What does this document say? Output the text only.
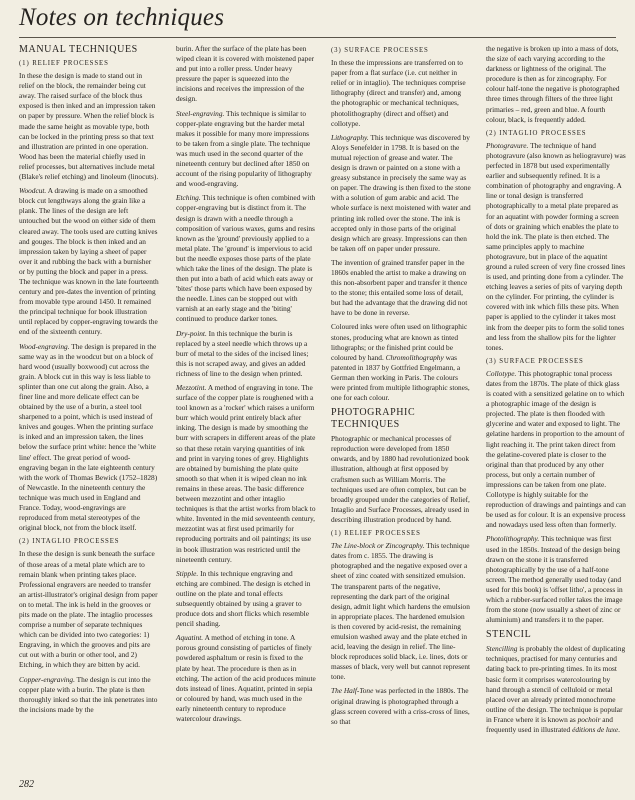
Notes on techniques
MANUAL TECHNIQUES
(1) RELIEF PROCESSES

In these the design is made to stand out in relief on the block, the remainder being cut away. The raised surface of the block thus exposed is then inked and an impression taken on paper by pressure. When the relief block is made the same height as movable type, both can be locked in the printing press so that text and illustration are printed in one operation. Wood has been the material chiefly used in relief processes, but alternatives include metal (Blake's relief etching) and linoleum (linocuts).

Woodcut. A drawing is made on a smoothed block cut lengthways along the grain like a plank. The lines of the design are left untouched but the wood on either side of them cleared away. The tools used are cutting knives and gouges. The block is then inked and an impression taken by laying a sheet of paper over it and rubbing the back with a burnisher or by putting the block and paper in a press. The technique was known in the late fourteenth century and pre-dates the invention of printing from movable type around 1450. It remained the principal technique for book illustration until replaced by copper-engraving towards the end of the sixteenth century.

Wood-engraving. The design is prepared in the same way as in the woodcut but on a block of hard wood (usually boxwood) cut across the grain. A block cut in this way is less liable to splinter than one cut along the grain. Also, a finer line and more delicate effect can be obtained by the use of a burin, a steel tool sharpened to a point, which is used instead of knives and gouges. When the printing surface is inked and an impression taken, the lines below the surface print white: hence the 'white line' effect. The great period of wood-engraving began in the late eighteenth century with the work of Thomas Bewick (1752–1828) of Newcastle. In the nineteenth century the technique was much used in England and France. Today, wood-engravings are reproduced from metal stereotypes of the original block, not from the block itself.

(2) INTAGLIO PROCESSES

In these the design is sunk beneath the surface of those areas of a metal plate which are to remain blank when printing takes place. Professional engravers are needed to transfer an artist-illustrator's original design from paper on to metal. The ink is held in the grooves or pits made on the plate. The intaglio processes comprise a number of separate techniques which can be divided into two categories: 1) Engraving, in which the grooves and pits are cut out with a burin or other tool, and 2) Etching, in which they are bitten by acid.

Copper-engraving. The design is cut into the copper plate with a burin. The plate is then thoroughly inked so that the ink penetrates into the incisions made by the

burin. After the surface of the plate has been wiped clean it is covered with moistened paper and put into a roller press. Under heavy pressure the paper is squeezed into the incisions and receives the impression of the design.

Steel-engraving. This technique is similar to copper-plate engraving but the harder metal makes it possible for many more impressions to be taken from a single plate. The technique was much used in the second quarter of the nineteenth century but declined after 1850 on account of the rising popularity of lithography and wood-engraving.

Etching. This technique is often combined with copper-engraving but is distinct from it. The design is drawn with a needle through a composition of various waxes, gums and resins known as the 'ground' previously applied to a metal plate. The 'ground' is impervious to acid but the needle exposes those parts of the plate which take the lines of the design. The plate is then put into a bath of acid which eats away or 'bites' those parts which have been exposed by the needle. Lines can be stopped out with varnish at an early stage and the 'biting' continued to produce darker tones.

Dry-point. In this technique the burin is replaced by a steel needle which throws up a burr of metal to the sides of the incised lines; this is not scraped away, and gives an added richness of line to the design when printed.

Mezzotint. A method of engraving in tone. The surface of the copper plate is roughened with a tool known as a 'rocker' which raises a uniform burr which would print entirely black after inking. The design is made by smoothing the burr with scrapers in different areas of the plate so that these retain varying quantities of ink and print in varying tones of grey. Highlights are obtained by burnishing the plate quite smooth so that when it is wiped clean no ink remains in these areas. The basic difference between mezzotint and other intaglio techniques is that the artist works from black to white. Invented in the mid seventeenth century, mezzotint was at first used primarily for reproducing portraits and oil paintings; its use in book illustration was restricted until the nineteenth century.

Stipple. In this technique engraving and etching are combined. The design is etched in outline on the plate and tonal effects subsequently obtained by using a graver to produce dots and short flicks which resemble pencil shading.

Aquatint. A method of etching in tone. A porous ground consisting of particles of finely powdered asphaltum or resin is fixed to the plate by heat. The procedure is then as in etching. The action of the acid produces minute dots instead of lines. Aquatint, printed in sepia or coloured by hand, was much used in the early nineteenth century to reproduce watercolour drawings.

(3) SURFACE PROCESSES

In these the impressions are transferred on to paper from a flat surface (i.e. cut neither in relief or in intaglio). The techniques comprise lithography (direct and transfer) and, among the photographic or mechanical techniques, photolithography (direct and offset) and collotype.

Lithography. This technique was discovered by Aloys Senefelder in 1798. It is based on the mutual rejection of grease and water. The design is drawn or painted on a stone with a greasy substance in precisely the same way as on paper. The drawing is then fixed to the stone with a solution of gum arabic and acid. The whole surface is next moistened with water and printing ink rolled over the stone. The ink is accepted only in those parts of the original design which are greasy. Impressions can then be taken off on paper under pressure.

The invention of grained transfer paper in the 1860s enabled the artist to make a drawing on this non-absorbent paper and transfer it thence to the stone; this entailed some loss of detail, but had the advantage that the drawing did not have to be done in reverse.

Coloured inks were often used on lithographic stones, producing what are known as tinted lithographs; or the finished print could be coloured by hand. Chromolithography was patented in 1837 by Gottfried Engelmann, a German then working in Paris. The colours were printed from multiple lithographic stones, one for each colour.

PHOTOGRAPHIC TECHNIQUES

Photographic or mechanical processes of reproduction were developed from 1850 onwards, and by 1880 had revolutionized book illustration, although at first opposed by craftsmen such as William Morris. The techniques used are often complex, but can be broadly grouped under the categories of Relief, Intaglio and Surface Processes, already used in describing illustration produced by hand.

(1) RELIEF PROCESSES

The Line-block or Zincography. This technique dates from c. 1855. The drawing is photographed and the negative exposed over a sheet of zinc coated with sensitized emulsion. The transparent parts of the negative, representing the dark part of the original design, admit light which hardens the emulsion in appropriate places. The hardened emulsion is then covered by acid-resist, the remaining emulsion washed away and the plate etched in acid, leaving the design in relief. The line-block reproduces solid black, i.e. lines, dots or masses of black, very well but cannot represent tone.

The Half-Tone was perfected in the 1880s. The original drawing is photographed through a glass screen covered with a criss-cross of lines, so that

the negative is broken up into a mass of dots, the size of each varying according to the darkness or lightness of the original. The procedure is then as for zincography. For colour half-tone the negative is photographed three times through filters of the three light primaries – red, green and blue. A fourth colour, black, is frequently added.

(2) INTAGLIO PROCESSES

Photogravure. The technique of hand photogravure (also known as heliogravure) was perfected in 1878 but used experimentally earlier and subsequently refined. It is a combination of photography and engraving. A line or tonal design is transferred photographically to a metal plate prepared as for an aquatint with powder forming a screen of dots or graining which enables the plate to hold the ink. The plate is then etched. The same principles apply to machine photogravure, but in place of the aquatint ground a ruled screen of very fine crossed lines is used, and printing done from a cylinder. The etching leaves a series of pits of varying depth on the cylinder. For printing, the cylinder is covered with ink which fills these pits. When paper is applied to the cylinder it takes most ink from the deeper pits to form the solid tones and less from the shallow pits for the lighter tones.

(3) SURFACE PROCESSES

Collotype. This photographic tonal process dates from the 1870s. The plate of thick glass is coated with a sensitized gelatine on to which a photographic image of the design is projected. The plate is then flooded with glycerine and water and exposed to light. The gelatine hardens in proportion to the amount of light reaching it. The print taken direct from the gelatine-covered plate is closer to the original than that produced by any other process, but only a certain number of impressions can be taken from one plate. Collotype is highly suitable for the reproduction of drawings and paintings and can be used as for colour. It is an expensive process and nowadays used less often than formerly.

Photolithography. This technique was first used in the 1850s. Instead of the design being drawn on the stone it is transferred photographically by the use of a half-tone screen. The method generally used today (and used for this book) is 'offset litho', a process in which a rubber-surfaced roller takes the image from the stone (now usually a sheet of zinc or aluminium) and transfers it to the paper.

STENCIL

Stencilling is probably the oldest of duplicating techniques, practised for many centuries and dating back to pre-printing times. In its most basic form it comprises watercolouring by hand through a stencil of celluloid or metal placed over an already printed monochrome outline of the design. The technique is popular in France where it is known as pochoir and frequently used in illustrated éditions de luxe.

282
